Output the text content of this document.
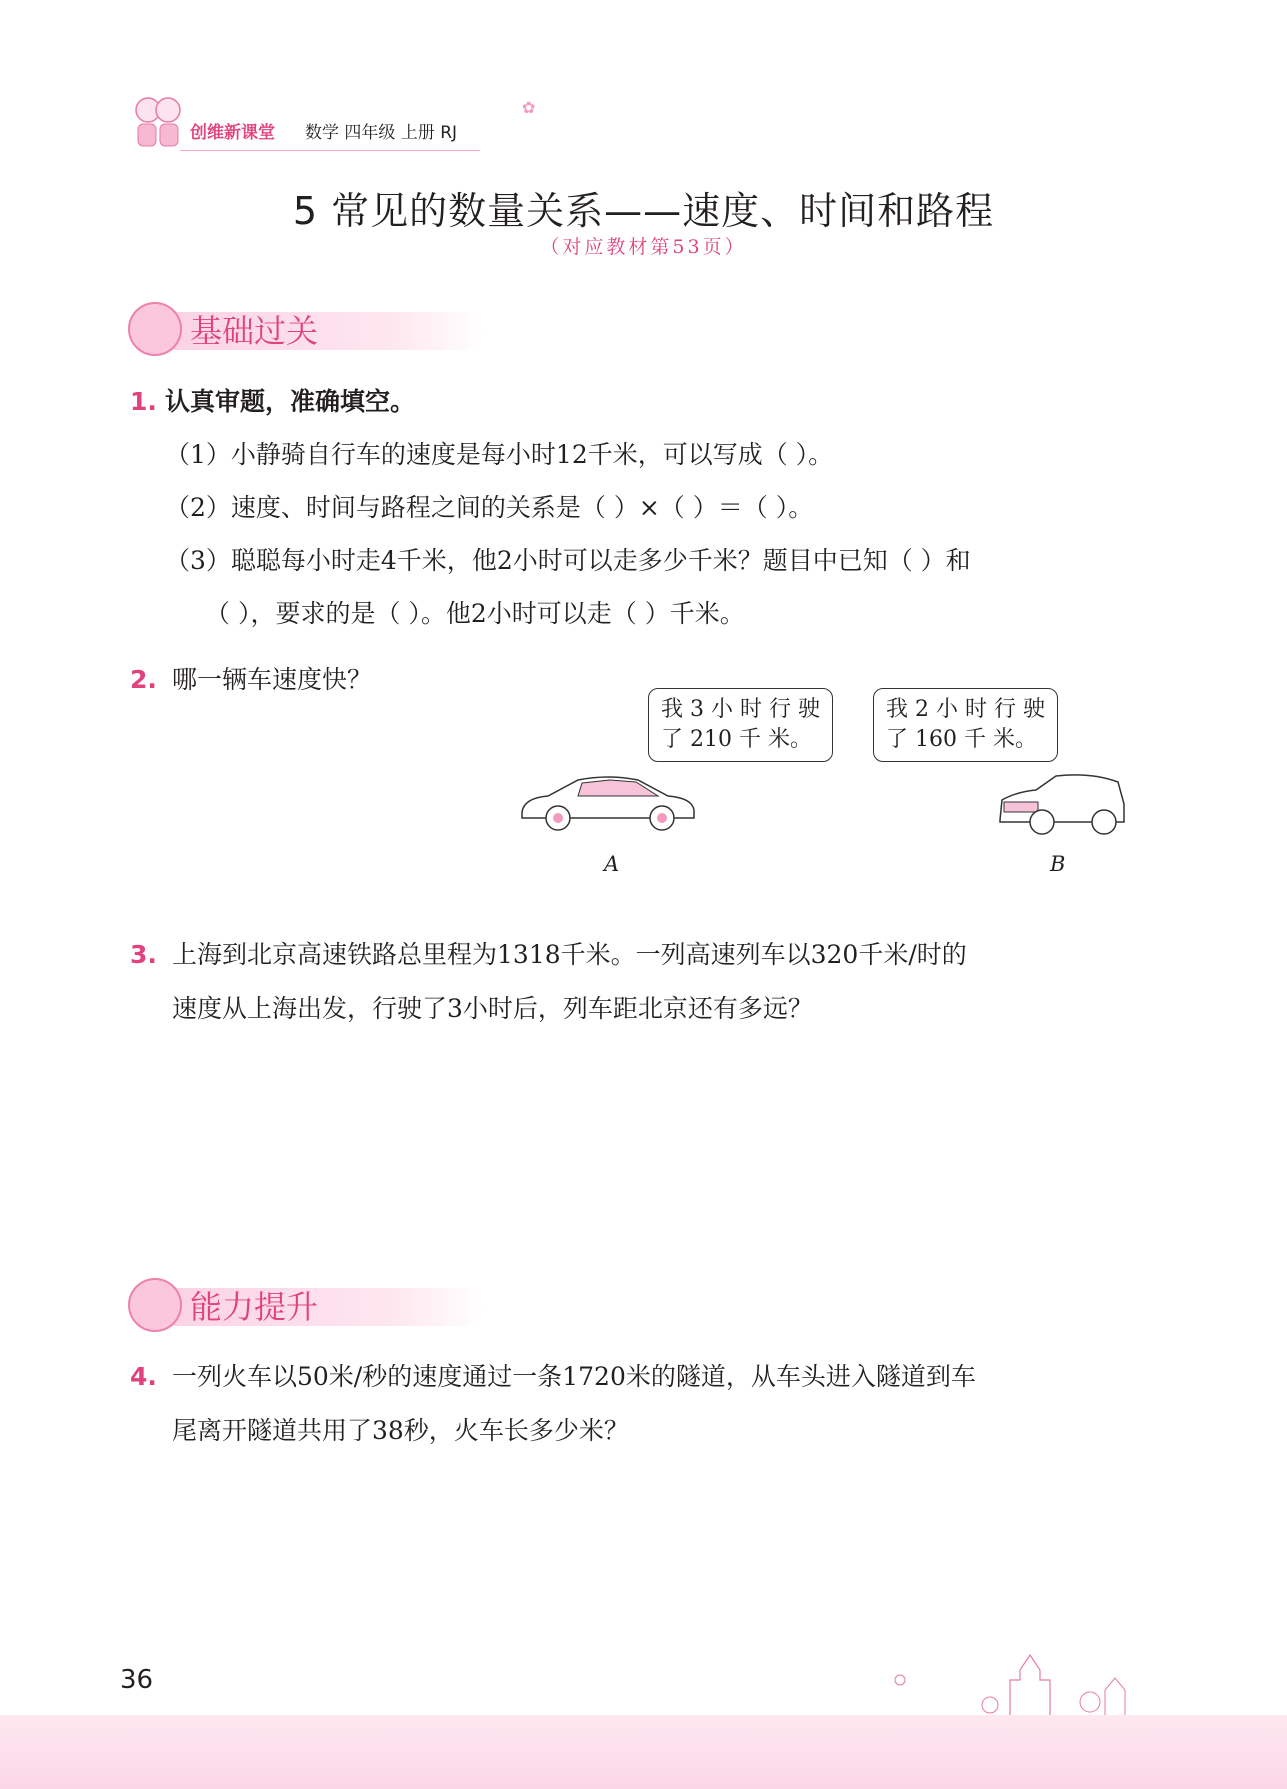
创维新课堂 数学 四年级 上册 RJ
✿
5 常见的数量关系——速度、时间和路程
（对应教材第53页）
基础过关
1. 认真审题，准确填空。
（1）小静骑自行车的速度是每小时12千米，可以写成（ ）。
（2）速度、时间与路程之间的关系是（ ）×（ ）＝（ ）。
（3）聪聪每小时走4千米，他2小时可以走多少千米？题目中已知（ ）和
（ ），要求的是（ ）。他2小时可以走（ ）千米。
2. 哪一辆车速度快？
我 3 小 时 行 驶
了 210 千 米。
我 2 小 时 行 驶
了 160 千 米。
A	B
3. 上海到北京高速铁路总里程为1318千米。一列高速列车以320千米/时的
速度从上海出发，行驶了3小时后，列车距北京还有多远？
能力提升
4. 一列火车以50米/秒的速度通过一条1720米的隧道，从车头进入隧道到车
尾离开隧道共用了38秒，火车长多少米？
36
